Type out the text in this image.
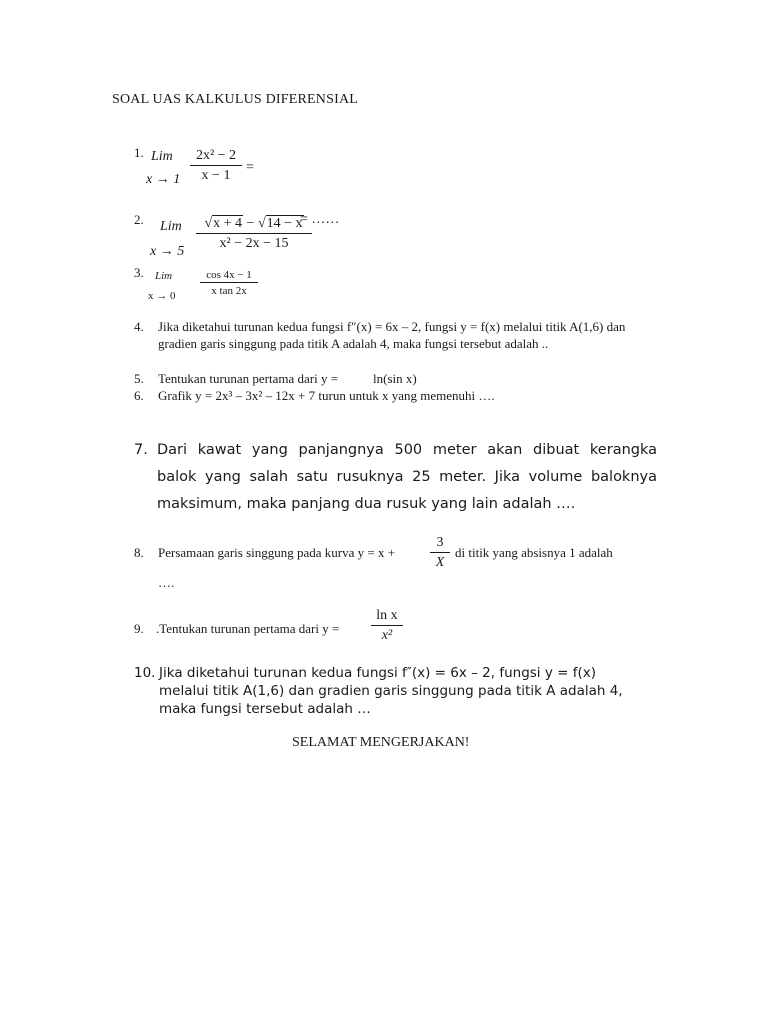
SOAL UAS KALKULUS DIFERENSIAL
1. Lim
$x \to 1 \frac{\text{2x² − 2}}{x - 1}$ =
2. Lim
$x \to 5 \frac{√x + 4 - √14 - x}{\text{x² − 2x − 15}}$
= ……
3. Lim
$x \to 0 \frac{\cos 4x - 1}{\text{x tan 2x}}$
4. Jika diketahui turunan kedua fungsi f″(x) = 6x – 2, fungsi y = f(x) melalui titik A(1,6) dan gradien garis singgung pada titik A adalah 4, maka fungsi tersebut adalah ..
5. Tentukan turunan pertama dari y =	ln(sin x)
6. Grafik y = 2x³ – 3x² – 12x + 7 turun untuk x yang memenuhi ….
7. Dari kawat yang panjangnya 500 meter akan dibuat kerangka
balok yang salah satu rusuknya 25 meter. Jika volume baloknya
maksimum, maka panjang dua rusuk yang lain adalah ….
8. Persamaan garis singgung pada kurva $y = x + \frac{3}{X}$ di titik yang absisnya 1 adalah
….
9. .Tentukan turunan pertama dari $y = \frac{\text{ln x}}{\text{x²}}$
10. Jika diketahui turunan kedua fungsi f″(x) = 6x – 2, fungsi y = f(x) melalui titik A(1,6) dan gradien garis singgung pada titik A adalah 4, maka fungsi tersebut adalah …
SELAMAT MENGERJAKAN!
